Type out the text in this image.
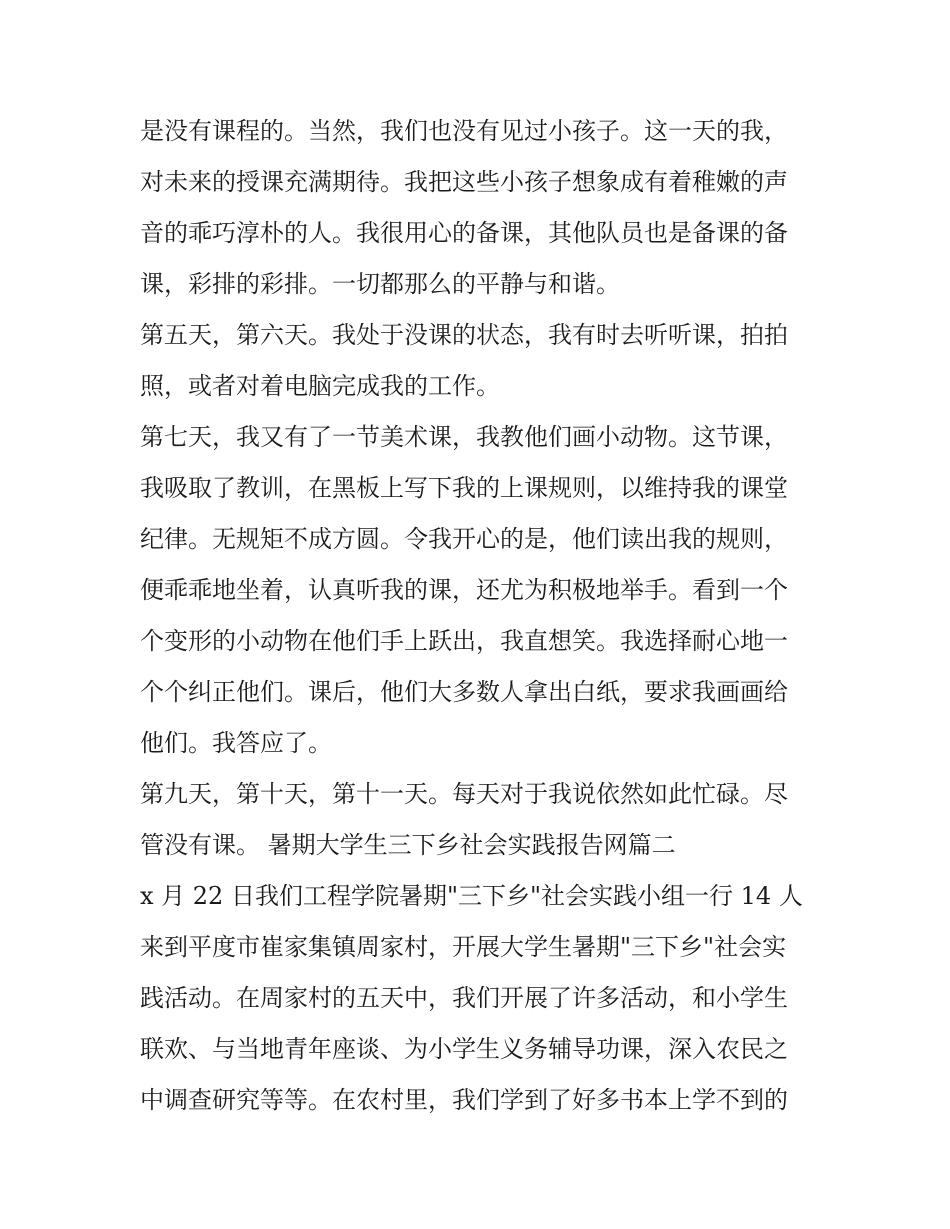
是没有课程的。当然，我们也没有见过小孩子。这一天的我，
对未来的授课充满期待。我把这些小孩子想象成有着稚嫩的声
音的乖巧淳朴的人。我很用心的备课，其他队员也是备课的备
课，彩排的彩排。一切都那么的平静与和谐。
第五天，第六天。我处于没课的状态，我有时去听听课，拍拍
照，或者对着电脑完成我的工作。
第七天，我又有了一节美术课，我教他们画小动物。这节课，
我吸取了教训，在黑板上写下我的上课规则，以维持我的课堂
纪律。无规矩不成方圆。令我开心的是，他们读出我的规则，
便乖乖地坐着，认真听我的课，还尤为积极地举手。看到一个
个变形的小动物在他们手上跃出，我直想笑。我选择耐心地一
个个纠正他们。课后，他们大多数人拿出白纸，要求我画画给
他们。我答应了。
第九天，第十天，第十一天。每天对于我说依然如此忙碌。尽
管没有课。 暑期大学生三下乡社会实践报告网篇二
x 月 22 日我们工程学院暑期"三下乡"社会实践小组一行 14 人
来到平度市崔家集镇周家村，开展大学生暑期"三下乡"社会实
践活动。在周家村的五天中，我们开展了许多活动，和小学生
联欢、与当地青年座谈、为小学生义务辅导功课，深入农民之
中调查研究等等。在农村里，我们学到了好多书本上学不到的
